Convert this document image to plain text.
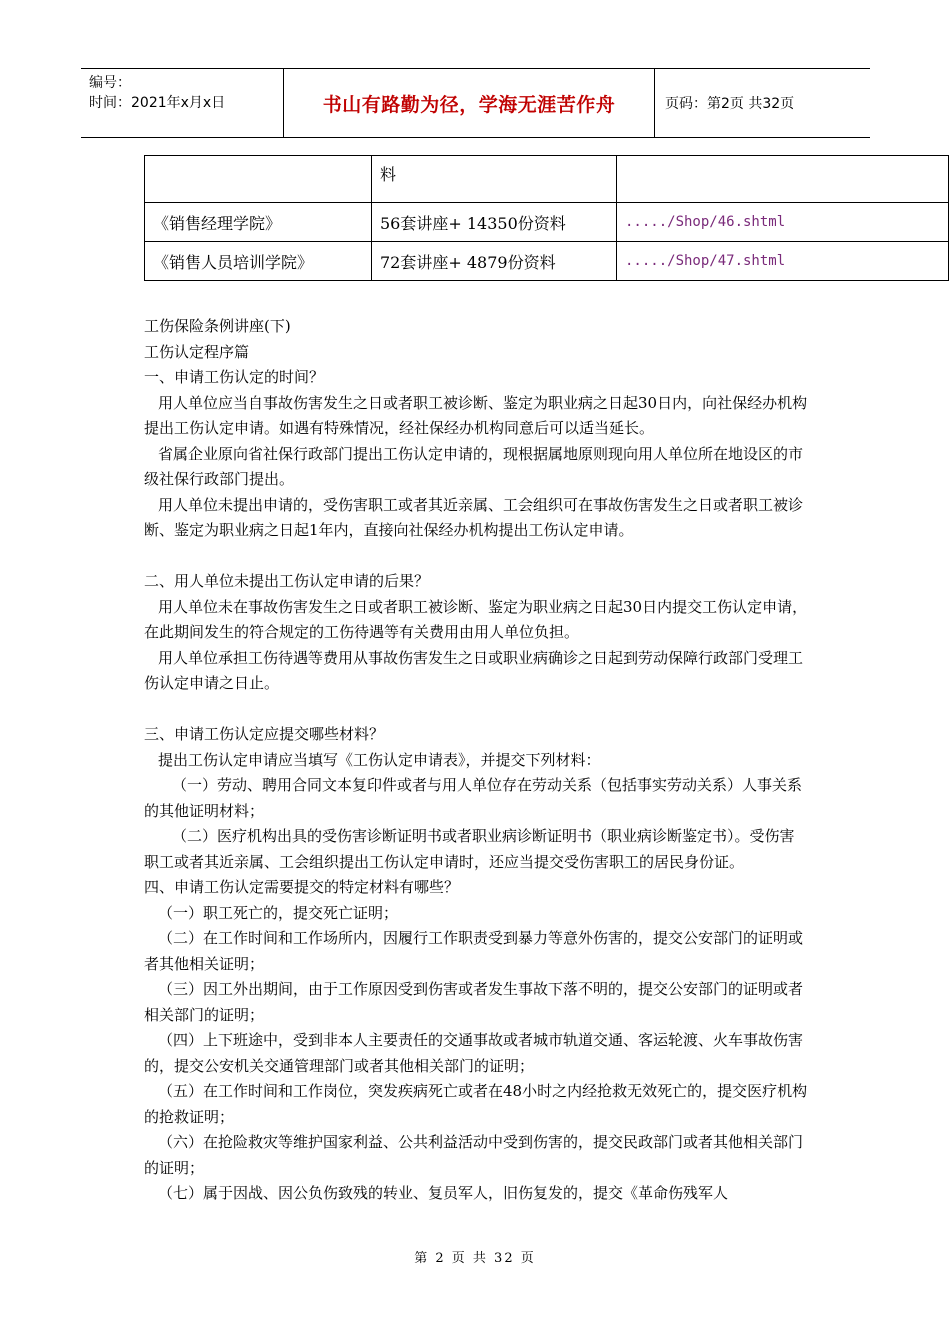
编号：
时间：2021年x月x日	书山有路勤为径，学海无涯苦作舟	页码：第2页 共32页
	料	
《销售经理学院》	56套讲座+ 14350份资料	...../Shop/46.shtml
《销售人员培训学院》	72套讲座+ 4879份资料	...../Shop/47.shtml

工伤保险条例讲座(下)

工伤认定程序篇

一、申请工伤认定的时间？

用人单位应当自事故伤害发生之日或者职工被诊断、鉴定为职业病之日起30日内，向社保经办机构提出工伤认定申请。如遇有特殊情况，经社保经办机构同意后可以适当延长。

省属企业原向省社保行政部门提出工伤认定申请的，现根据属地原则现向用人单位所在地设区的市级社保行政部门提出。

用人单位未提出申请的，受伤害职工或者其近亲属、工会组织可在事故伤害发生之日或者职工被诊断、鉴定为职业病之日起1年内，直接向社保经办机构提出工伤认定申请。

二、用人单位未提出工伤认定申请的后果？

用人单位未在事故伤害发生之日或者职工被诊断、鉴定为职业病之日起30日内提交工伤认定申请，在此期间发生的符合规定的工伤待遇等有关费用由用人单位负担。

用人单位承担工伤待遇等费用从事故伤害发生之日或职业病确诊之日起到劳动保障行政部门受理工伤认定申请之日止。

三、申请工伤认定应提交哪些材料？

提出工伤认定申请应当填写《工伤认定申请表》，并提交下列材料：

（一）劳动、聘用合同文本复印件或者与用人单位存在劳动关系（包括事实劳动关系）人事关系的其他证明材料；

（二）医疗机构出具的受伤害诊断证明书或者职业病诊断证明书（职业病诊断鉴定书）。受伤害职工或者其近亲属、工会组织提出工伤认定申请时，还应当提交受伤害职工的居民身份证。

四、申请工伤认定需要提交的特定材料有哪些？

（一）职工死亡的，提交死亡证明；

（二）在工作时间和工作场所内，因履行工作职责受到暴力等意外伤害的，提交公安部门的证明或者其他相关证明；

（三）因工外出期间，由于工作原因受到伤害或者发生事故下落不明的，提交公安部门的证明或者相关部门的证明；

（四）上下班途中，受到非本人主要责任的交通事故或者城市轨道交通、客运轮渡、火车事故伤害的，提交公安机关交通管理部门或者其他相关部门的证明；

（五）在工作时间和工作岗位，突发疾病死亡或者在48小时之内经抢救无效死亡的，提交医疗机构的抢救证明；

（六）在抢险救灾等维护国家利益、公共利益活动中受到伤害的，提交民政部门或者其他相关部门的证明；

（七）属于因战、因公负伤致残的转业、复员军人，旧伤复发的，提交《革命伤残军人

第 2 页 共 32 页
